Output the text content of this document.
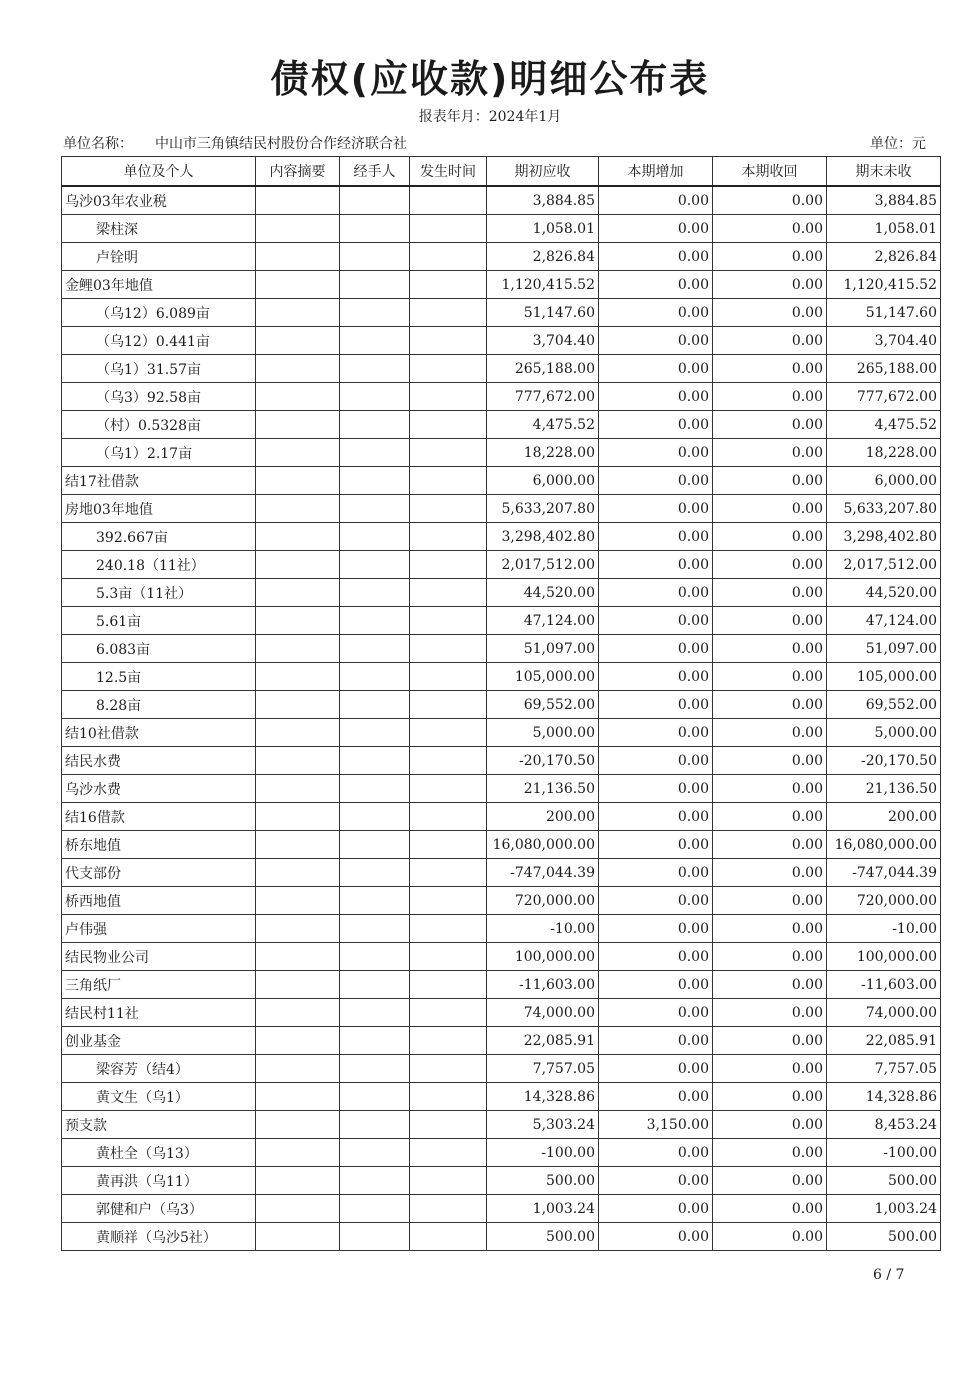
债权(应收款)明细公布表
报表年月：2024年1月
单位名称： 中山市三角镇结民村股份合作经济联合社	单位：元
单位及个人	内容摘要	经手人	发生时间	期初应收	本期增加	本期收回	期末未收
乌沙03年农业税				3,884.85	0.00	0.00	3,884.85
梁柱深				1,058.01	0.00	0.00	1,058.01
卢铨明				2,826.84	0.00	0.00	2,826.84
金鲤03年地值				1,120,415.52	0.00	0.00	1,120,415.52
（乌12）6.089亩				51,147.60	0.00	0.00	51,147.60
（乌12）0.441亩				3,704.40	0.00	0.00	3,704.40
（乌1）31.57亩				265,188.00	0.00	0.00	265,188.00
（乌3）92.58亩				777,672.00	0.00	0.00	777,672.00
（村）0.5328亩				4,475.52	0.00	0.00	4,475.52
（乌1）2.17亩				18,228.00	0.00	0.00	18,228.00
结17社借款				6,000.00	0.00	0.00	6,000.00
房地03年地值				5,633,207.80	0.00	0.00	5,633,207.80
392.667亩				3,298,402.80	0.00	0.00	3,298,402.80
240.18（11社）				2,017,512.00	0.00	0.00	2,017,512.00
5.3亩（11社）				44,520.00	0.00	0.00	44,520.00
5.61亩				47,124.00	0.00	0.00	47,124.00
6.083亩				51,097.00	0.00	0.00	51,097.00
12.5亩				105,000.00	0.00	0.00	105,000.00
8.28亩				69,552.00	0.00	0.00	69,552.00
结10社借款				5,000.00	0.00	0.00	5,000.00
结民水费				-20,170.50	0.00	0.00	-20,170.50
乌沙水费				21,136.50	0.00	0.00	21,136.50
结16借款				200.00	0.00	0.00	200.00
桥东地值				16,080,000.00	0.00	0.00	16,080,000.00
代支部份				-747,044.39	0.00	0.00	-747,044.39
桥西地值				720,000.00	0.00	0.00	720,000.00
卢伟强				-10.00	0.00	0.00	-10.00
结民物业公司				100,000.00	0.00	0.00	100,000.00
三角纸厂				-11,603.00	0.00	0.00	-11,603.00
结民村11社				74,000.00	0.00	0.00	74,000.00
创业基金				22,085.91	0.00	0.00	22,085.91
梁容芳（结4）				7,757.05	0.00	0.00	7,757.05
黄文生（乌1）				14,328.86	0.00	0.00	14,328.86
预支款				5,303.24	3,150.00	0.00	8,453.24
黄杜全（乌13）				-100.00	0.00	0.00	-100.00
黄再洪（乌11）				500.00	0.00	0.00	500.00
郭健和户（乌3）				1,003.24	0.00	0.00	1,003.24
黄顺祥（乌沙5社）				500.00	0.00	0.00	500.00
6 / 7
